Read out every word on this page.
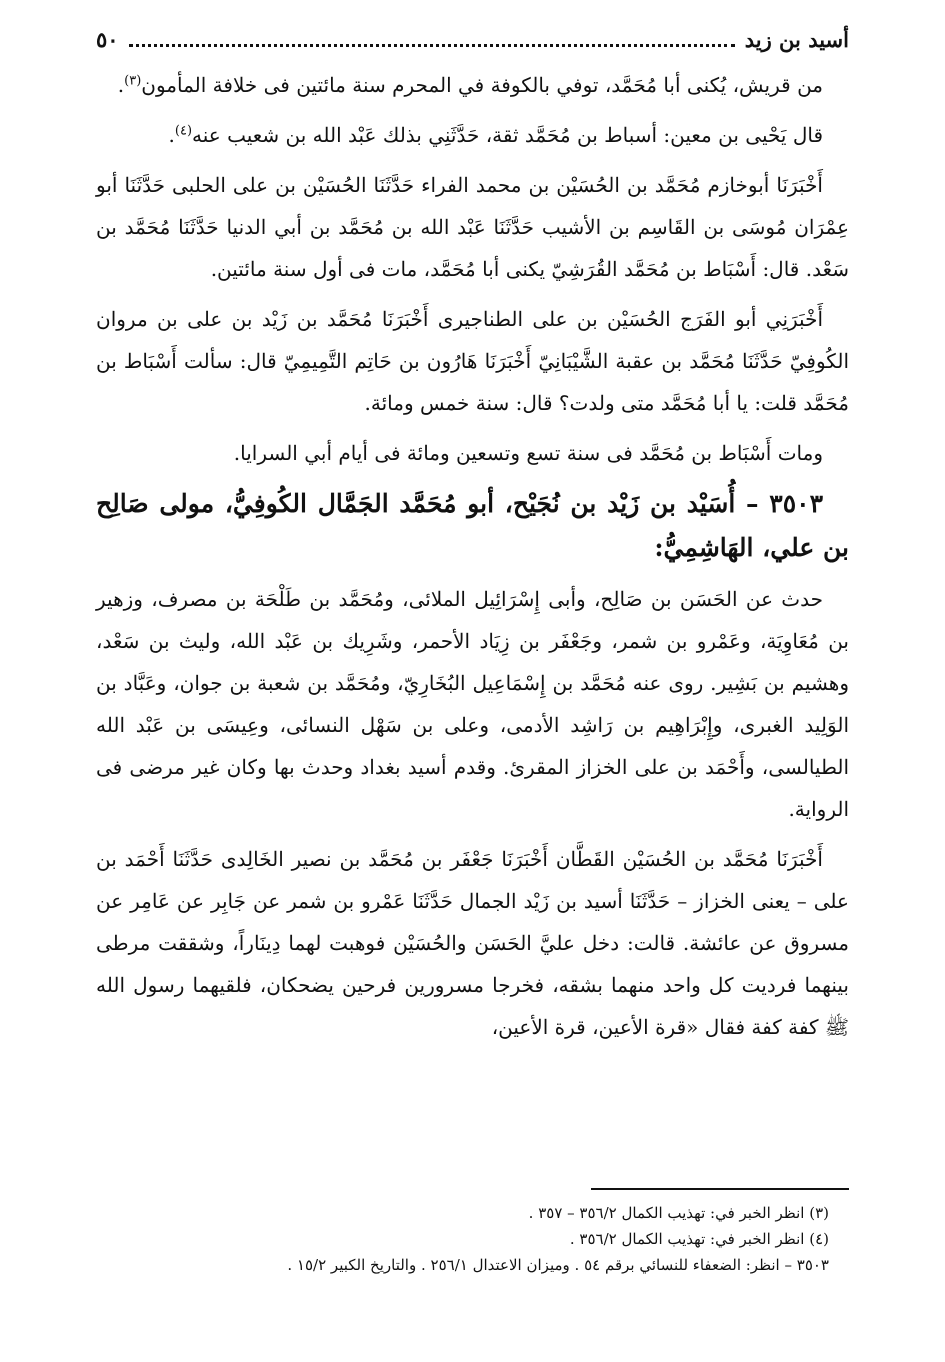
أسيد بن زيد
٥٠

من قريش، يُكنى أبا مُحَمَّد، توفي بالكوفة في المحرم سنة مائتين فى خلافة المأمون$^{(٣)}$.

قال يَحْيى بن معين: أسباط بن مُحَمَّد ثقة، حَدَّثَنِي بذلك عَبْد الله بن شعيب عنه$^{(٤)}$.

أَخْبَرَنَا أبوخازم مُحَمَّد بن الحُسَيْن بن محمد الفراء حَدَّثَنَا الحُسَيْن بن على الحلبى حَدَّثَنَا أبو عِمْرَان مُوسَى بن القَاسِم بن الأشيب حَدَّثَنَا عَبْد الله بن مُحَمَّد بن أبي الدنيا حَدَّثَنَا مُحَمَّد بن سَعْد. قال: أَسْبَاط بن مُحَمَّد القُرَشِيّ يكنى أبا مُحَمَّد، مات فى أول سنة مائتين.

أَخْبَرَنِي أبو الفَرَج الحُسَيْن بن على الطناجيرى أَخْبَرَنَا مُحَمَّد بن زَيْد بن على بن مروان الكُوفِيّ حَدَّثَنَا مُحَمَّد بن عقبة الشَّيْبَانِيّ أَخْبَرَنَا هَارُون بن حَاتِم التَّمِيمِيّ قال: سألت أَسْبَاط بن مُحَمَّد قلت: يا أبا مُحَمَّد متى ولدت؟ قال: سنة خمس ومائة.

ومات أَسْبَاط بن مُحَمَّد فى سنة تسع وتسعين ومائة فى أيام أبي السرايا.

٣٥٠٣ – أُسَيْد بن زَيْد بن نُجَيْح، أبو مُحَمَّد الجَمَّال الكُوفِيُّ، مولى صَالِح بن علي، الهَاشِمِيُّ:

حدث عن الحَسَن بن صَالِح، وأبى إِسْرَائِيل الملائى، ومُحَمَّد بن طَلْحَة بن مصرف، وزهير بن مُعَاوِيَة، وعَمْرو بن شمر، وجَعْفَر بن زِيَاد الأحمر، وشَرِيك بن عَبْد الله، وليث بن سَعْد، وهشيم بن بَشِير. روى عنه مُحَمَّد بن إِسْمَاعِيل البُخَارِيّ، ومُحَمَّد بن شعبة بن جوان، وعَبَّاد بن الوَلِيد الغبرى، وإِبْرَاهِيم بن رَاشِد الأدمى، وعلى بن سَهْل النسائى، وعِيسَى بن عَبْد الله الطيالسى، وأَحْمَد بن على الخزاز المقرئ. وقدم أسيد بغداد وحدث بها وكان غير مرضى فى الرواية.

أَخْبَرَنَا مُحَمَّد بن الحُسَيْن القَطَّان أَخْبَرَنَا جَعْفَر بن مُحَمَّد بن نصير الخَالِدى حَدَّثَنَا أَحْمَد بن على – يعنى الخزاز – حَدَّثَنَا أسيد بن زَيْد الجمال حَدَّثَنَا عَمْرو بن شمر عن جَابِر عن عَامِر عن مسروق عن عائشة. قالت: دخل عليَّ الحَسَن والحُسَيْن فوهبت لهما دِينَاراً، وشققت مرطى بينهما فرديت كل واحد منهما بشقه، فخرجا مسرورين فرحين يضحكان، فلقيهما رسول الله ﷺ كفة كفة فقال «قرة الأعين، قرة الأعين،

(٣) انظر الخبر في: تهذيب الكمال ٣٥٦/٢ – ٣٥٧ .

(٤) انظر الخبر في: تهذيب الكمال ٣٥٦/٢ .

٣٥٠٣ – انظر: الضعفاء للنسائي برقم ٥٤ . وميزان الاعتدال ٢٥٦/١ . والتاريخ الكبير ١٥/٢ .
